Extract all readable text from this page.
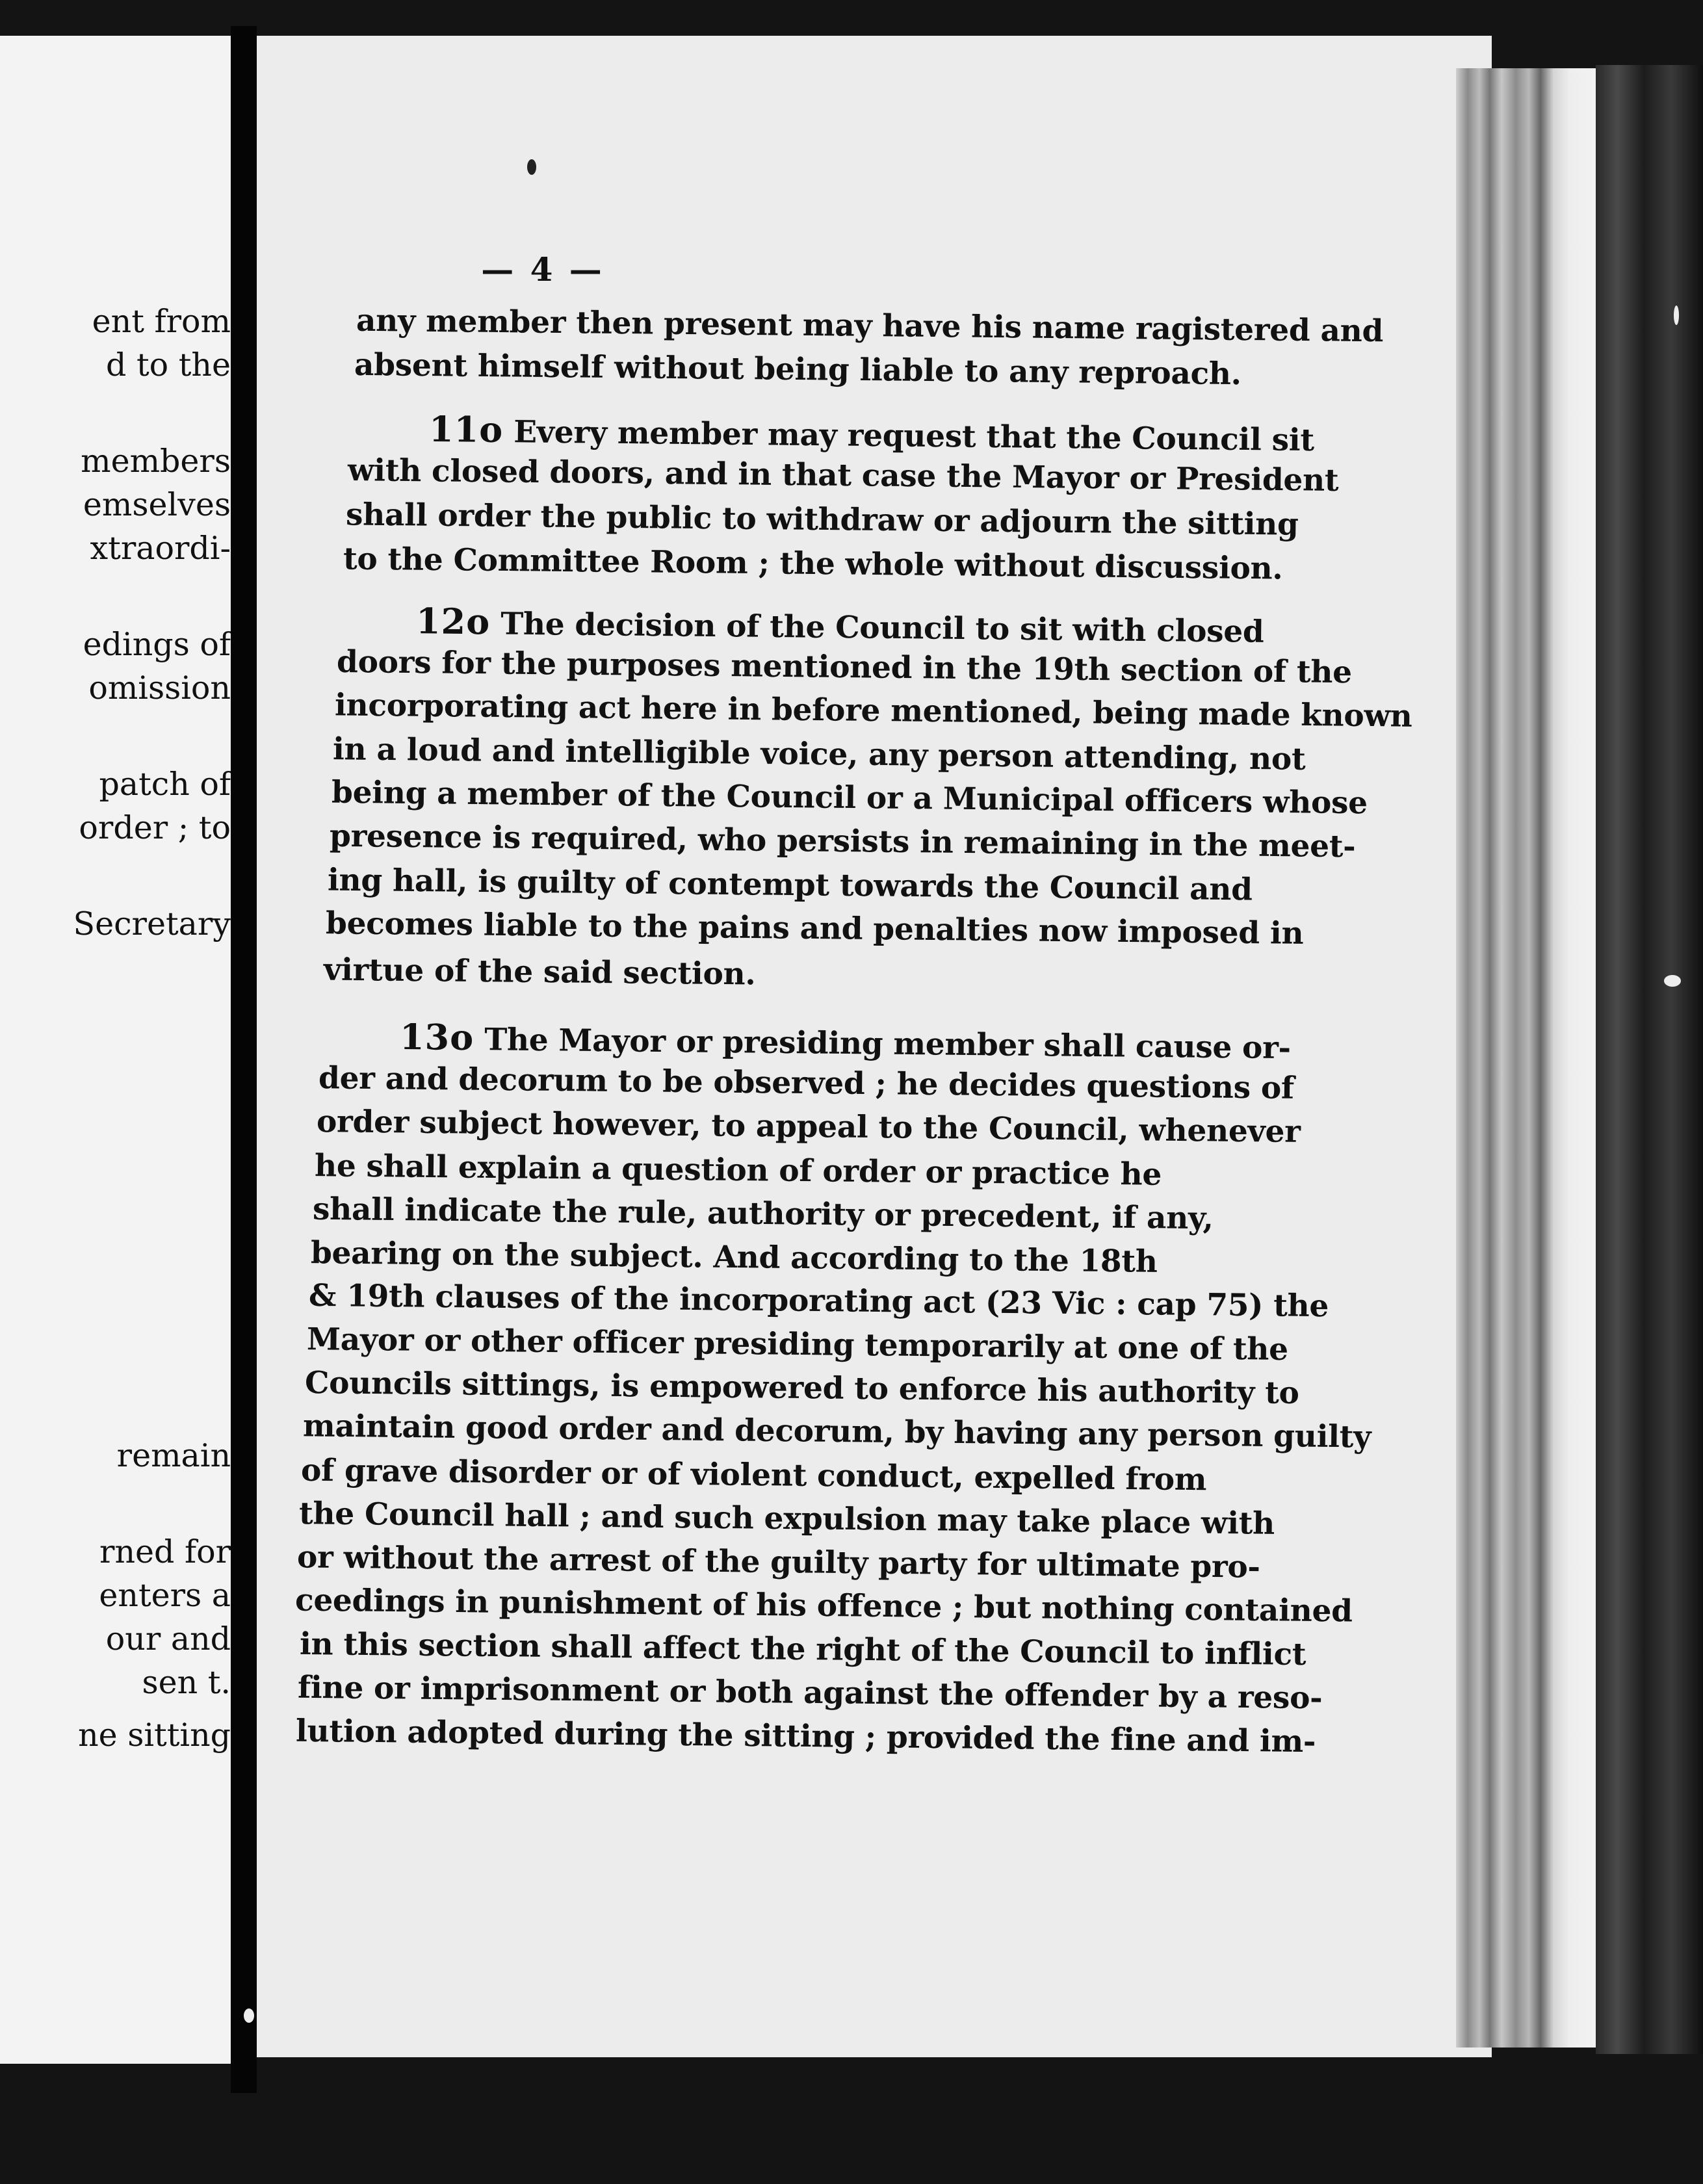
ent from
d to the
members
emselves
xtraordi-
edings of
omission
patch of
order ; to
Secretary
remain
rned for
enters a
our and
sen t.
ne sitting
— 4 —
any member then present may have his name ragistered and
absent himself without being liable to any reproach.
11o Every member may request that the Council sit
with closed doors, and in that case the Mayor or President
shall order the public to withdraw or adjourn the sitting
to the Committee Room ; the whole without discussion.
12o The decision of the Council to sit with closed
doors for the purposes mentioned in the 19th section of the
incorporating act here in before mentioned, being made known
in a loud and intelligible voice, any person attending, not
being a member of the Council or a Municipal officers whose
presence is required, who persists in remaining in the meet-
ing hall, is guilty of contempt towards the Council and
becomes liable to the pains and penalties now imposed in
virtue of the said section.
13o The Mayor or presiding member shall cause or-
der and decorum to be observed ; he decides questions of
order subject however, to appeal to the Council, whenever
he shall explain a question of order or practice he
shall indicate the rule, authority or precedent, if any,
bearing on the subject. And according to the 18th
& 19th clauses of the incorporating act (23 Vic : cap 75) the
Mayor or other officer presiding temporarily at one of the
Councils sittings, is empowered to enforce his authority to
maintain good order and decorum, by having any person guilty
of grave disorder or of violent conduct, expelled from
the Council hall ; and such expulsion may take place with
or without the arrest of the guilty party for ultimate pro-
ceedings in punishment of his offence ; but nothing contained
in this section shall affect the right of the Council to inflict
fine or imprisonment or both against the offender by a reso-
lution adopted during the sitting ; provided the fine and im-
